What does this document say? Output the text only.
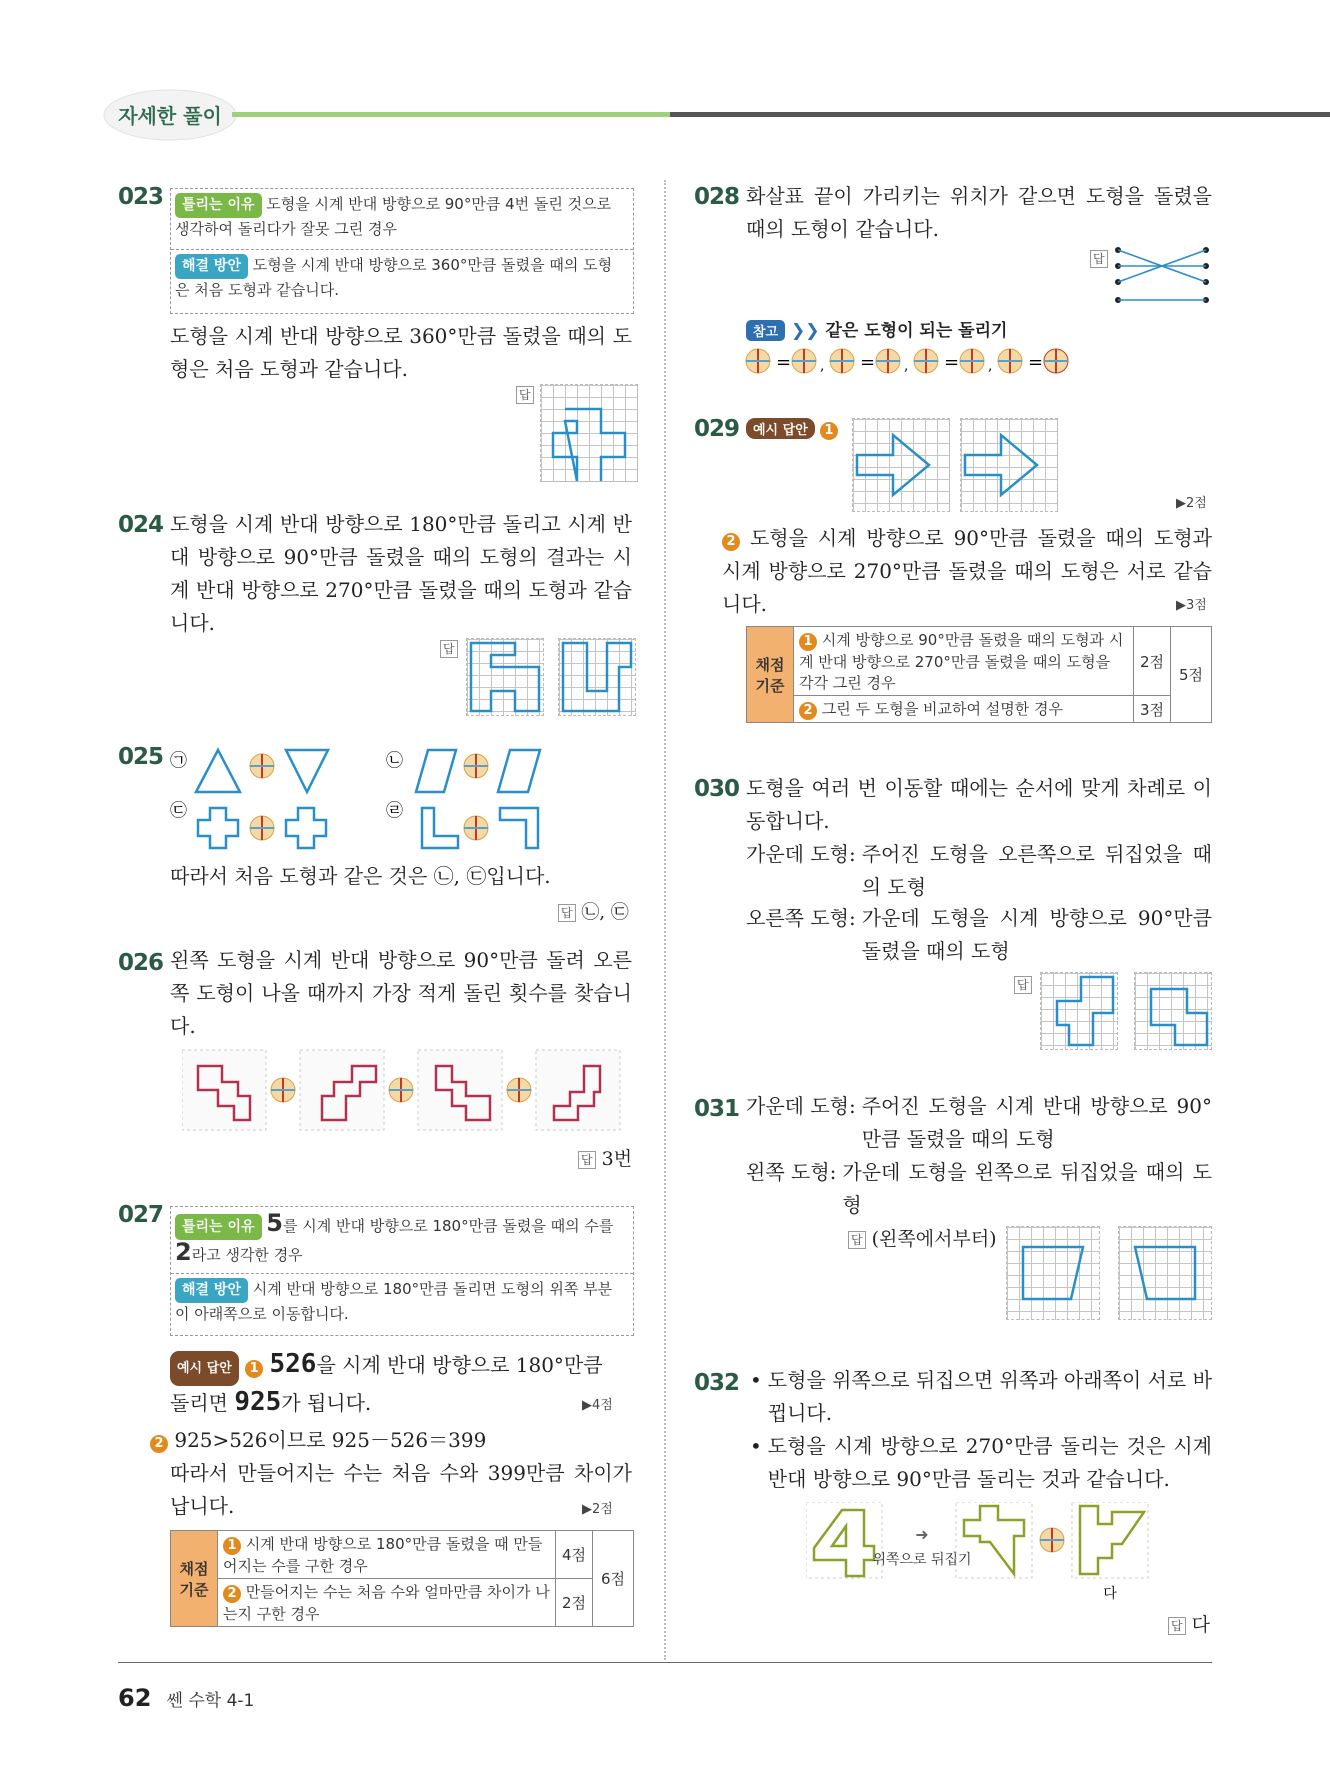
자세한 풀이
023	틀리는 이유 도형을 시계 반대 방향으로 90°만큼 4번 돌린 것으로 생각하여 돌리다가 잘못 그린 경우
해결 방안 도형을 시계 반대 방향으로 360°만큼 돌렸을 때의 도형은 처음 도형과 같습니다.
도형을 시계 반대 방향으로 360°만큼 돌렸을 때의 도형은 처음 도형과 같습니다.
답
024 도형을 시계 반대 방향으로 180°만큼 돌리고 시계 반대 방향으로 90°만큼 돌렸을 때의 도형의 결과는 시계 반대 방향으로 270°만큼 돌렸을 때의 도형과 같습니다.
답
025 ㉠	㉡
㉢	㉣
따라서 처음 도형과 같은 것은 ㉡, ㉢입니다.
답 ㉡, ㉢
026 왼쪽 도형을 시계 반대 방향으로 90°만큼 돌려 오른쪽 도형이 나올 때까지 가장 적게 돌린 횟수를 찾습니다.
답 3번
027	틀리는 이유 5를 시계 반대 방향으로 180°만큼 돌렸을 때의 수를
2라고 생각한 경우
해결 방안 시계 반대 방향으로 180°만큼 돌리면 도형의 위쪽 부분이 아래쪽으로 이동합니다.
예시 답안 1 526을 시계 반대 방향으로 180°만큼
돌리면 925가 됩니다.	▶4점
2 925>526이므로 925－526＝399
따라서 만들어지는 수는 처음 수와 399만큼 차이가 납니다.	▶2점
채점 기준	1 시계 반대 방향으로 180°만큼 돌렸을 때 만들어지는 수를 구한 경우	4점	6점
	2 만들어지는 수는 처음 수와 얼마만큼 차이가 나는지 구한 경우	2점	
028 화살표 끝이 가리키는 위치가 같으면 도형을 돌렸을 때의 도형이 같습니다.
답
참고 ❯❯ 같은 도형이 되는 돌리기
= , = , = , =
029	예시 답안 1
▶2점
2 도형을 시계 방향으로 90°만큼 돌렸을 때의 도형과 시계 방향으로 270°만큼 돌렸을 때의 도형은 서로 같습니다.	▶3점
채점 기준	1 시계 방향으로 90°만큼 돌렸을 때의 도형과 시계 반대 방향으로 270°만큼 돌렸을 때의 도형을 각각 그린 경우	2점	5점
	2 그린 두 도형을 비교하여 설명한 경우	3점	
030 도형을 여러 번 이동할 때에는 순서에 맞게 차례로 이동합니다.
가운데 도형: 주어진 도형을 오른쪽으로 뒤집었을 때의 도형
오른쪽 도형: 가운데 도형을 시계 방향으로 90°만큼 돌렸을 때의 도형
답
031 가운데 도형: 주어진 도형을 시계 반대 방향으로 90°만큼 돌렸을 때의 도형
왼쪽 도형: 가운데 도형을 왼쪽으로 뒤집었을 때의 도형
답 (왼쪽에서부터)
032 • 도형을 위쪽으로 뒤집으면 위쪽과 아래쪽이 서로 바뀝니다.
• 도형을 시계 방향으로 270°만큼 돌리는 것은 시계 반대 방향으로 90°만큼 돌리는 것과 같습니다.
➜
위쪽으로 뒤집기
다
답 다
62 쎈 수학 4-1
